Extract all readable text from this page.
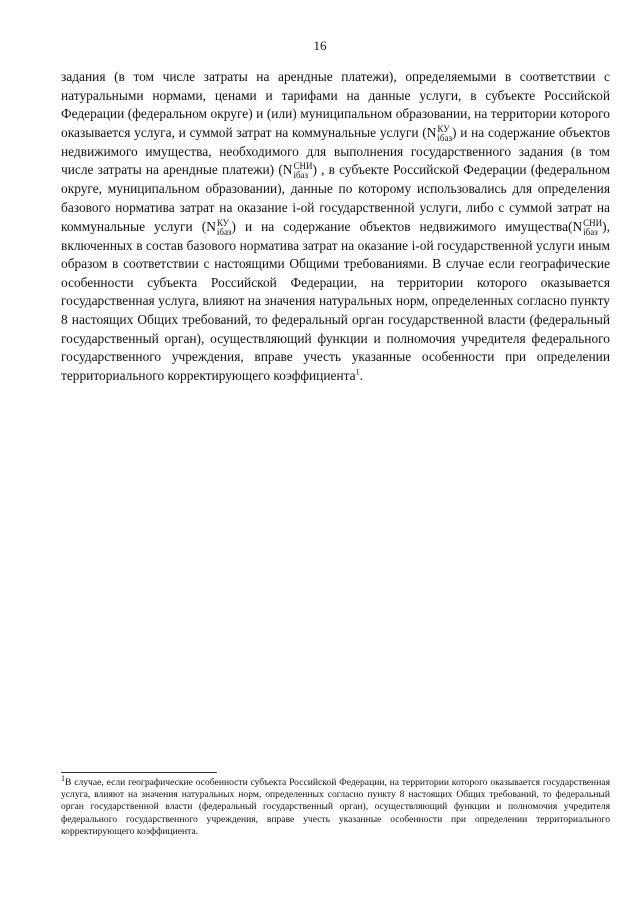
16

задания (в том числе затраты на арендные платежи), определяемыми в соответствии с натуральными нормами, ценами и тарифами на данные услуги, в субъекте Российской Федерации (федеральном округе) и (или) муниципальном образовании, на территории которого оказывается услуга, и суммой затрат на коммунальные услуги (N КУ
iбаз ) и на содержание объектов недвижимого имущества, необходимого для выполнения государственного задания (в том числе затраты на арендные платежи) (N СНИ
iбаз ) , в субъекте Российской Федерации (федеральном округе, муниципальном образовании), данные по которому использовались для определения базового норматива затрат на оказание i-ой государственной услуги, либо с суммой затрат на коммунальные услуги (N КУ
iбаз ) и на содержание объектов недвижимого имущества(N СНИ
iбаз ), включенных в состав базового норматива затрат на оказание i-ой государственной услуги иным образом в соответствии с настоящими Общими требованиями. В случае если географические особенности субъекта Российской Федерации, на территории которого оказывается государственная услуга, влияют на значения натуральных норм, определенных согласно пункту 8 настоящих Общих требований, то федеральный орган государственной власти (федеральный государственный орган), осуществляющий функции и полномочия учредителя федерального государственного учреждения, вправе учесть указанные особенности при определении территориального корректирующего коэффициента$^1$.

$^1$В случае, если географические особенности субъекта Российской Федерации, на территории которого оказывается государственная услуга, влияют на значения натуральных норм, определенных согласно пункту 8 настоящих Общих требований, то федеральный орган государственной власти (федеральный государственный орган), осуществляющий функции и полномочия учредителя федерального государственного учреждения, вправе учесть указанные особенности при определении территориального корректирующего коэффициента.
